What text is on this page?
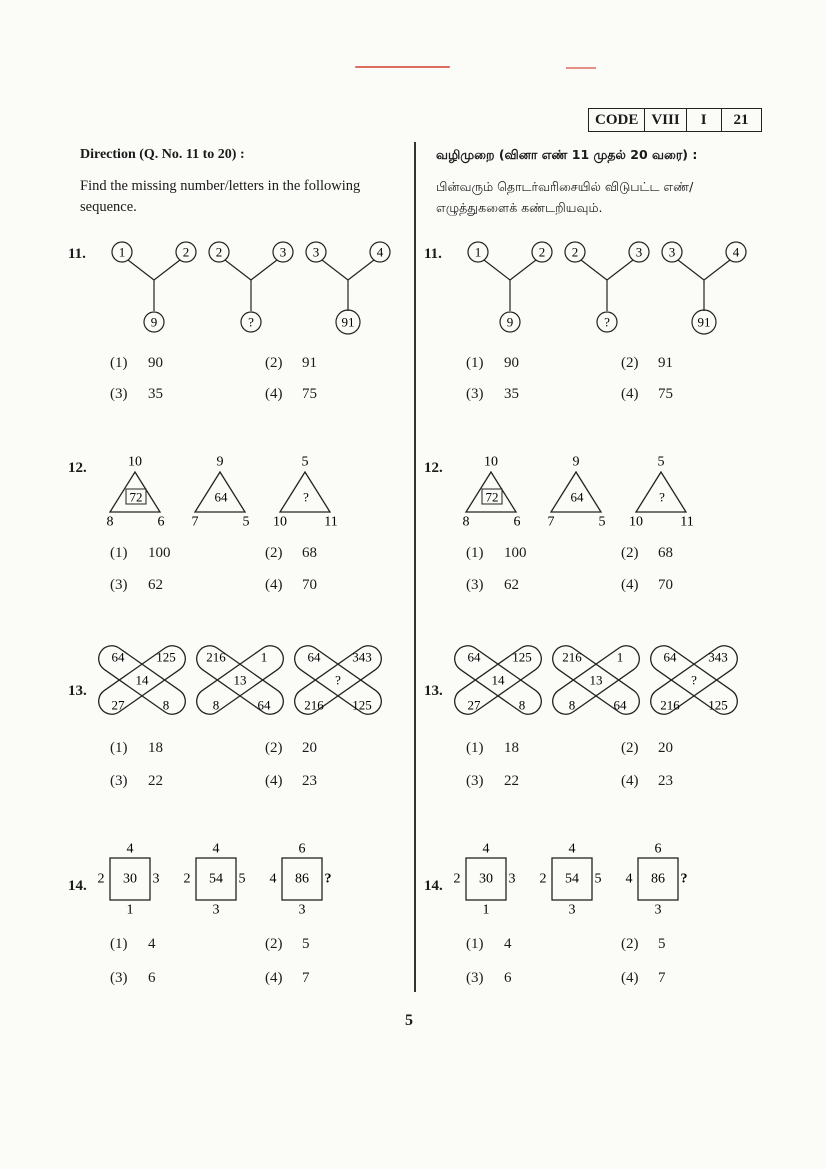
CODE VIII	I	21
Direction (Q. No. 11 to 20) :
Find the missing number/letters in the following sequence.
வழிமுறை (வினா எண் 11 முதல் 20 வரை) :
பின்வரும் தொடர்வரிசையில் விடுபட்ட எண்/ எழுத்துகளைக் கண்டறியவும்.
11.	1	2
9
2	3
?
3	4
91
(1) 90	(2) 91
(3) 35	(4) 75
12.	10
72
8	6
9
64
7	5
5
?
10	11
(1) 100	(2) 68
(3) 62	(4) 70
13.
64 125
14
27	8
216	1
13
8	64
64 343
?
216 125
(1) 18	(2) 20
(3) 22	(4) 23
14.
4
30
2	3
1
4
54
2	5
3
6
86
4	?
3
(1) 4	(2) 5
(3) 6	(4) 7
11.	1	2
9
2	3
?
3	4
91
(1) 90	(2) 91
(3) 35	(4) 75
12.	10
72
8	6
9
64
7	5
5
?
10	11
(1) 100	(2) 68
(3) 62	(4) 70
13.
64 125
14
27	8
216	1
13
8	64
64 343
?
216 125
(1) 18	(2) 20
(3) 22	(4) 23
14.
4
30
2	3
1
4
54
2	5
3
6
86
4	?
3
(1) 4	(2) 5
(3) 6	(4) 7
5
